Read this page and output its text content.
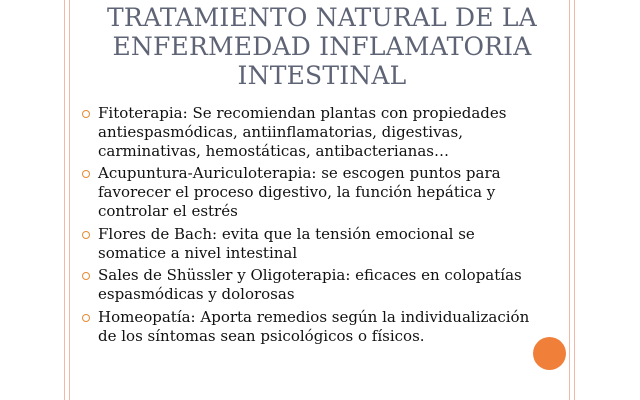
TRATAMIENTO NATURAL DE LA
ENFERMEDAD INFLAMATORIA
INTESTINAL
Fitoterapia: Se recomiendan plantas con propiedades
antiespasmódicas, antiinflamatorias, digestivas,
carminativas, hemostáticas, antibacterianas…
Acupuntura-Auriculoterapia: se escogen puntos para
favorecer el proceso digestivo, la función hepática y
controlar el estrés
Flores de Bach: evita que la tensión emocional se
somatice a nivel intestinal
Sales de Shüssler y Oligoterapia: eficaces en colopatías
espasmódicas y dolorosas
Homeopatía: Aporta remedios según la individualización
de los síntomas sean psicológicos o físicos.
